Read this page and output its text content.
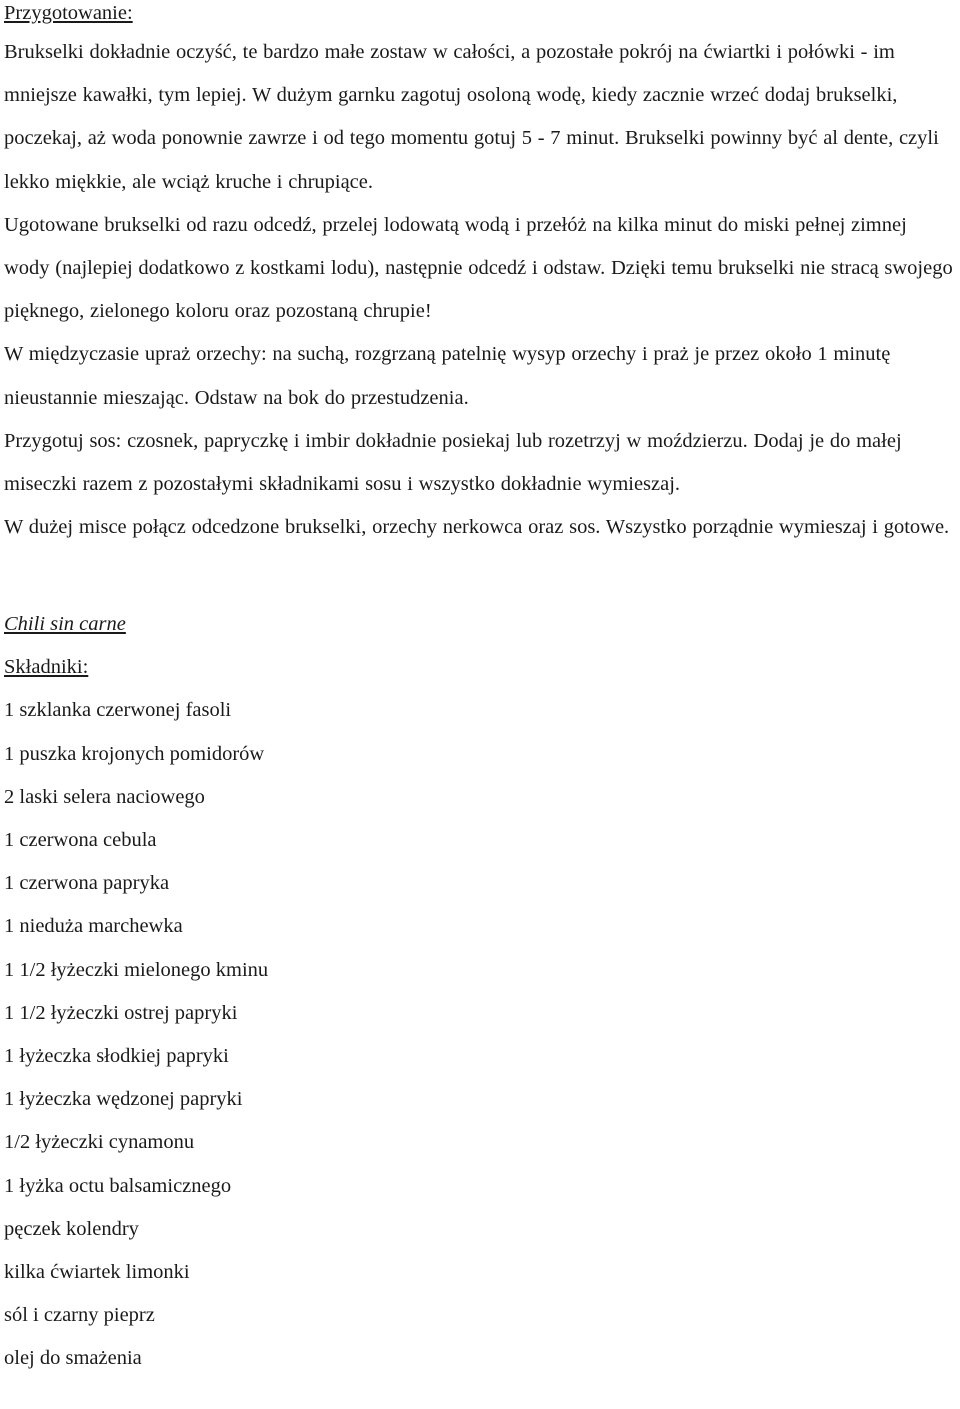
Przygotowanie:

Brukselki dokładnie oczyść, te bardzo małe zostaw w całości, a pozostałe pokrój na ćwiartki i połówki - im mniejsze kawałki, tym lepiej. W dużym garnku zagotuj osoloną wodę, kiedy zacznie wrzeć dodaj brukselki, poczekaj, aż woda ponownie zawrze i od tego momentu gotuj 5 - 7 minut. Brukselki powinny być al dente, czyli lekko miękkie, ale wciąż kruche i chrupiące.

Ugotowane brukselki od razu odcedź, przelej lodowatą wodą i przełóż na kilka minut do miski pełnej zimnej wody (najlepiej dodatkowo z kostkami lodu), następnie odcedź i odstaw. Dzięki temu brukselki nie stracą swojego pięknego, zielonego koloru oraz pozostaną chrupie!

W międzyczasie upraż orzechy: na suchą, rozgrzaną patelnię wysyp orzechy i praż je przez około 1 minutę nieustannie mieszając. Odstaw na bok do przestudzenia.

Przygotuj sos: czosnek, papryczkę i imbir dokładnie posiekaj lub rozetrzyj w moździerzu. Dodaj je do małej miseczki razem z pozostałymi składnikami sosu i wszystko dokładnie wymieszaj.

W dużej misce połącz odcedzone brukselki, orzechy nerkowca oraz sos. Wszystko porządnie wymieszaj i gotowe.

Chili sin carne
Składniki:
1 szklanka czerwonej fasoli
1 puszka krojonych pomidorów
2 laski selera naciowego
1 czerwona cebula
1 czerwona papryka
1 nieduża marchewka
1 1/2 łyżeczki mielonego kminu
1 1/2 łyżeczki ostrej papryki
1 łyżeczka słodkiej papryki
1 łyżeczka wędzonej papryki
1/2 łyżeczki cynamonu
1 łyżka octu balsamicznego
pęczek kolendry
kilka ćwiartek limonki
sól i czarny pieprz
olej do smażenia
